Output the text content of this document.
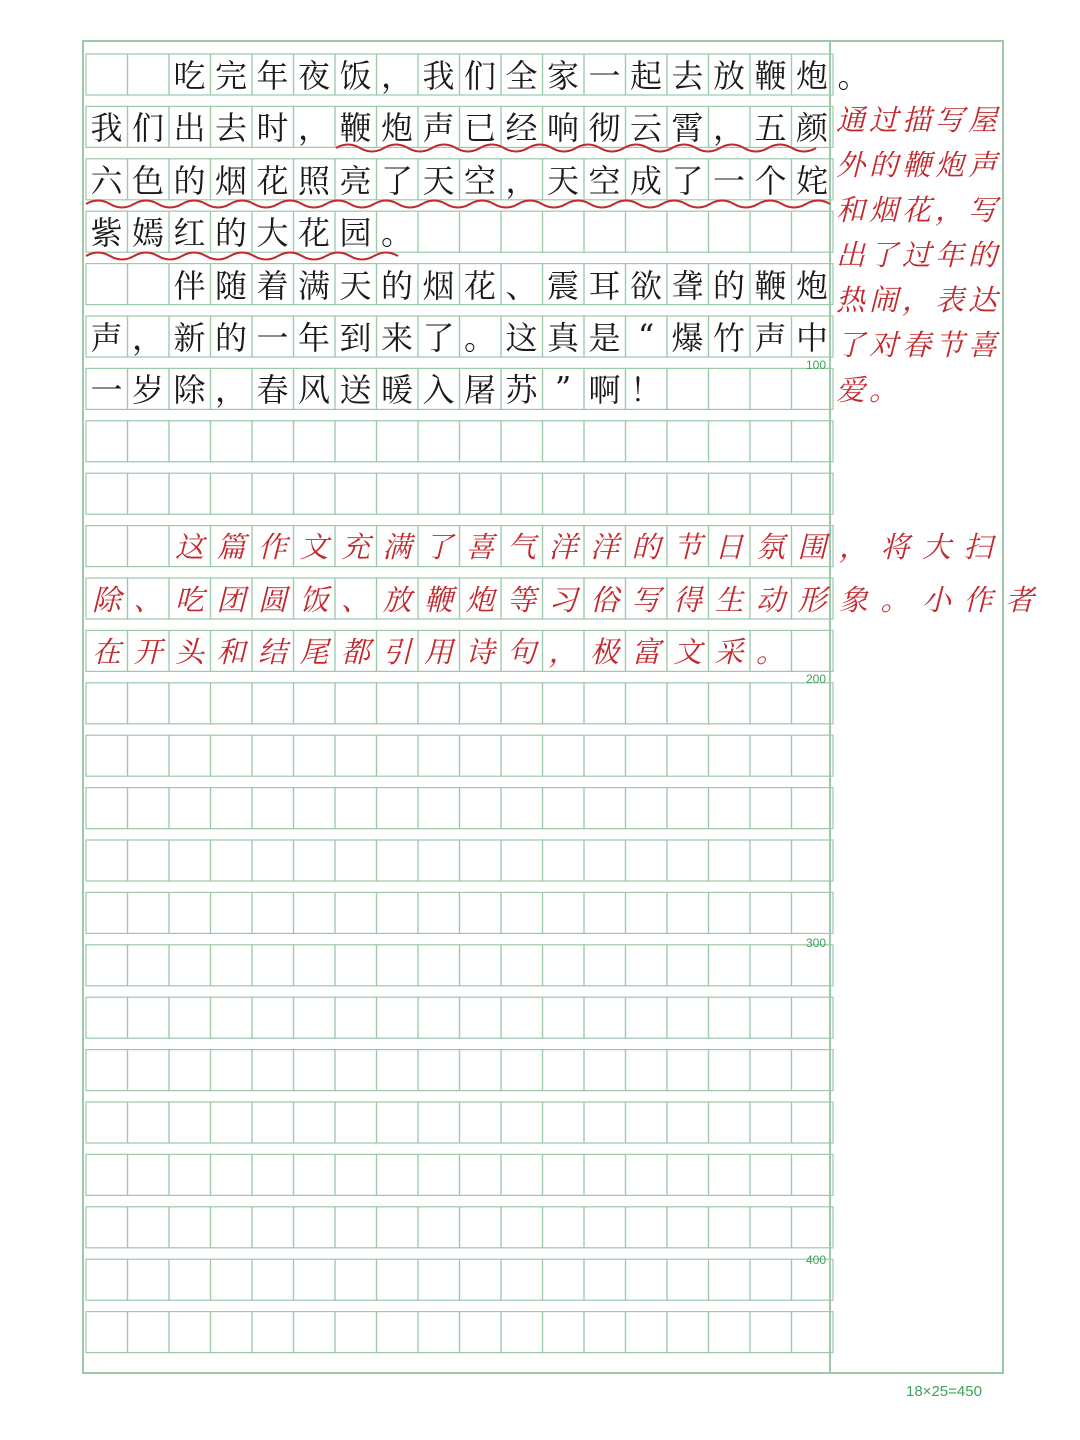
吃 完 年 夜 饭 ， 我 们 全 家 一 起 去 放 鞭 炮 。
我 们 出 去 时 ， 鞭 炮 声 已 经 响 彻 云 霄 ， 五 颜
六 色 的 烟 花 照 亮 了 天 空 ， 天 空 成 了 一 个 姹
紫 嫣 红 的 大 花 园 。
伴 随 着 满 天 的 烟 花 、 震 耳 欲 聋 的 鞭 炮
声 ， 新 的 一 年 到 来 了 。 这 真 是 “ 爆 竹 声 中
一 岁 除 ， 春 风 送 暖 入 屠 苏 ” 啊 ！
这 篇 作 文 充 满 了 喜 气 洋 洋 的 节 日 氛 围 ， 将 大 扫
除 、 吃 团 圆 饭 、 放 鞭 炮 等 习 俗 写 得 生 动 形 象 。 小 作 者
在 开 头 和 结 尾 都 引 用 诗 句 ， 极 富 文 采 。
通过描写屋外的鞭炮声和烟花，写出了过年的热闹，表达了对春节喜爱。
100
200
300
400
18×25=450
